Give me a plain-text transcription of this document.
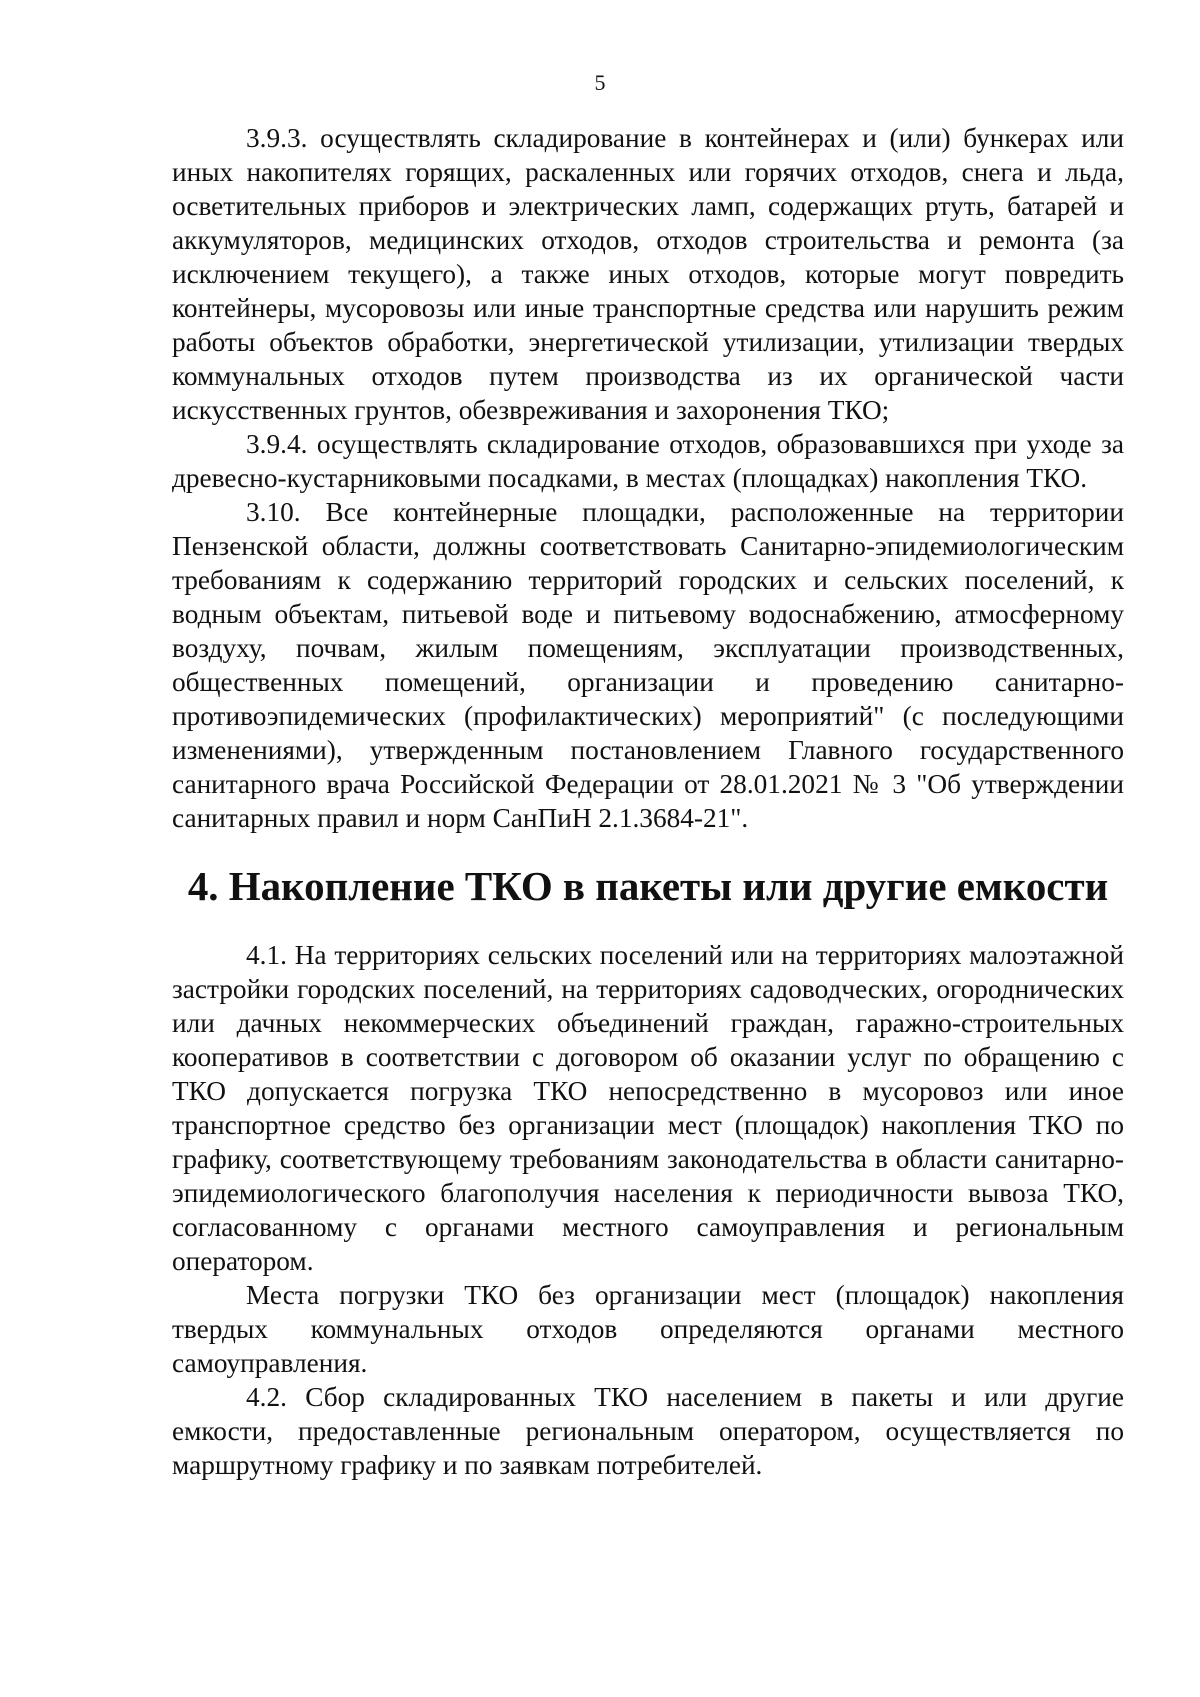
5

3.9.3. осуществлять складирование в контейнерах и (или) бункерах или иных накопителях горящих, раскаленных или горячих отходов, снега и льда, осветительных приборов и электрических ламп, содержащих ртуть, батарей и аккумуляторов, медицинских отходов, отходов строительства и ремонта (за исключением текущего), а также иных отходов, которые могут повредить контейнеры, мусоровозы или иные транспортные средства или нарушить режим работы объектов обработки, энергетической утилизации, утилизации твердых коммунальных отходов путем производства из их органической части искусственных грунтов, обезвреживания и захоронения ТКО;

3.9.4. осуществлять складирование отходов, образовавшихся при уходе за древесно-кустарниковыми посадками, в местах (площадках) накопления ТКО.

3.10. Все контейнерные площадки, расположенные на территории Пензенской области, должны соответствовать Санитарно-эпидемиологическим требованиям к содержанию территорий городских и сельских поселений, к водным объектам, питьевой воде и питьевому водоснабжению, атмосферному воздуху, почвам, жилым помещениям, эксплуатации производственных, общественных помещений, организации и проведению санитарно-противоэпидемических (профилактических) мероприятий" (с последующими изменениями), утвержденным постановлением Главного государственного санитарного врача Российской Федерации от 28.01.2021 № 3 "Об утверждении санитарных правил и норм СанПиН 2.1.3684-21".

4. Накопление ТКО в пакеты или другие емкости

4.1. На территориях сельских поселений или на территориях малоэтажной застройки городских поселений, на территориях садоводческих, огороднических или дачных некоммерческих объединений граждан, гаражно-строительных кооперативов в соответствии с договором об оказании услуг по обращению с ТКО допускается погрузка ТКО непосредственно в мусоровоз или иное транспортное средство без организации мест (площадок) накопления ТКО по графику, соответствующему требованиям законодательства в области санитарно-эпидемиологического благополучия населения к периодичности вывоза ТКО, согласованному с органами местного самоуправления и региональным оператором.

Места погрузки ТКО без организации мест (площадок) накопления твердых коммунальных отходов определяются органами местного самоуправления.

4.2. Сбор складированных ТКО населением в пакеты и или другие емкости, предоставленные региональным оператором, осуществляется по маршрутному графику и по заявкам потребителей.
